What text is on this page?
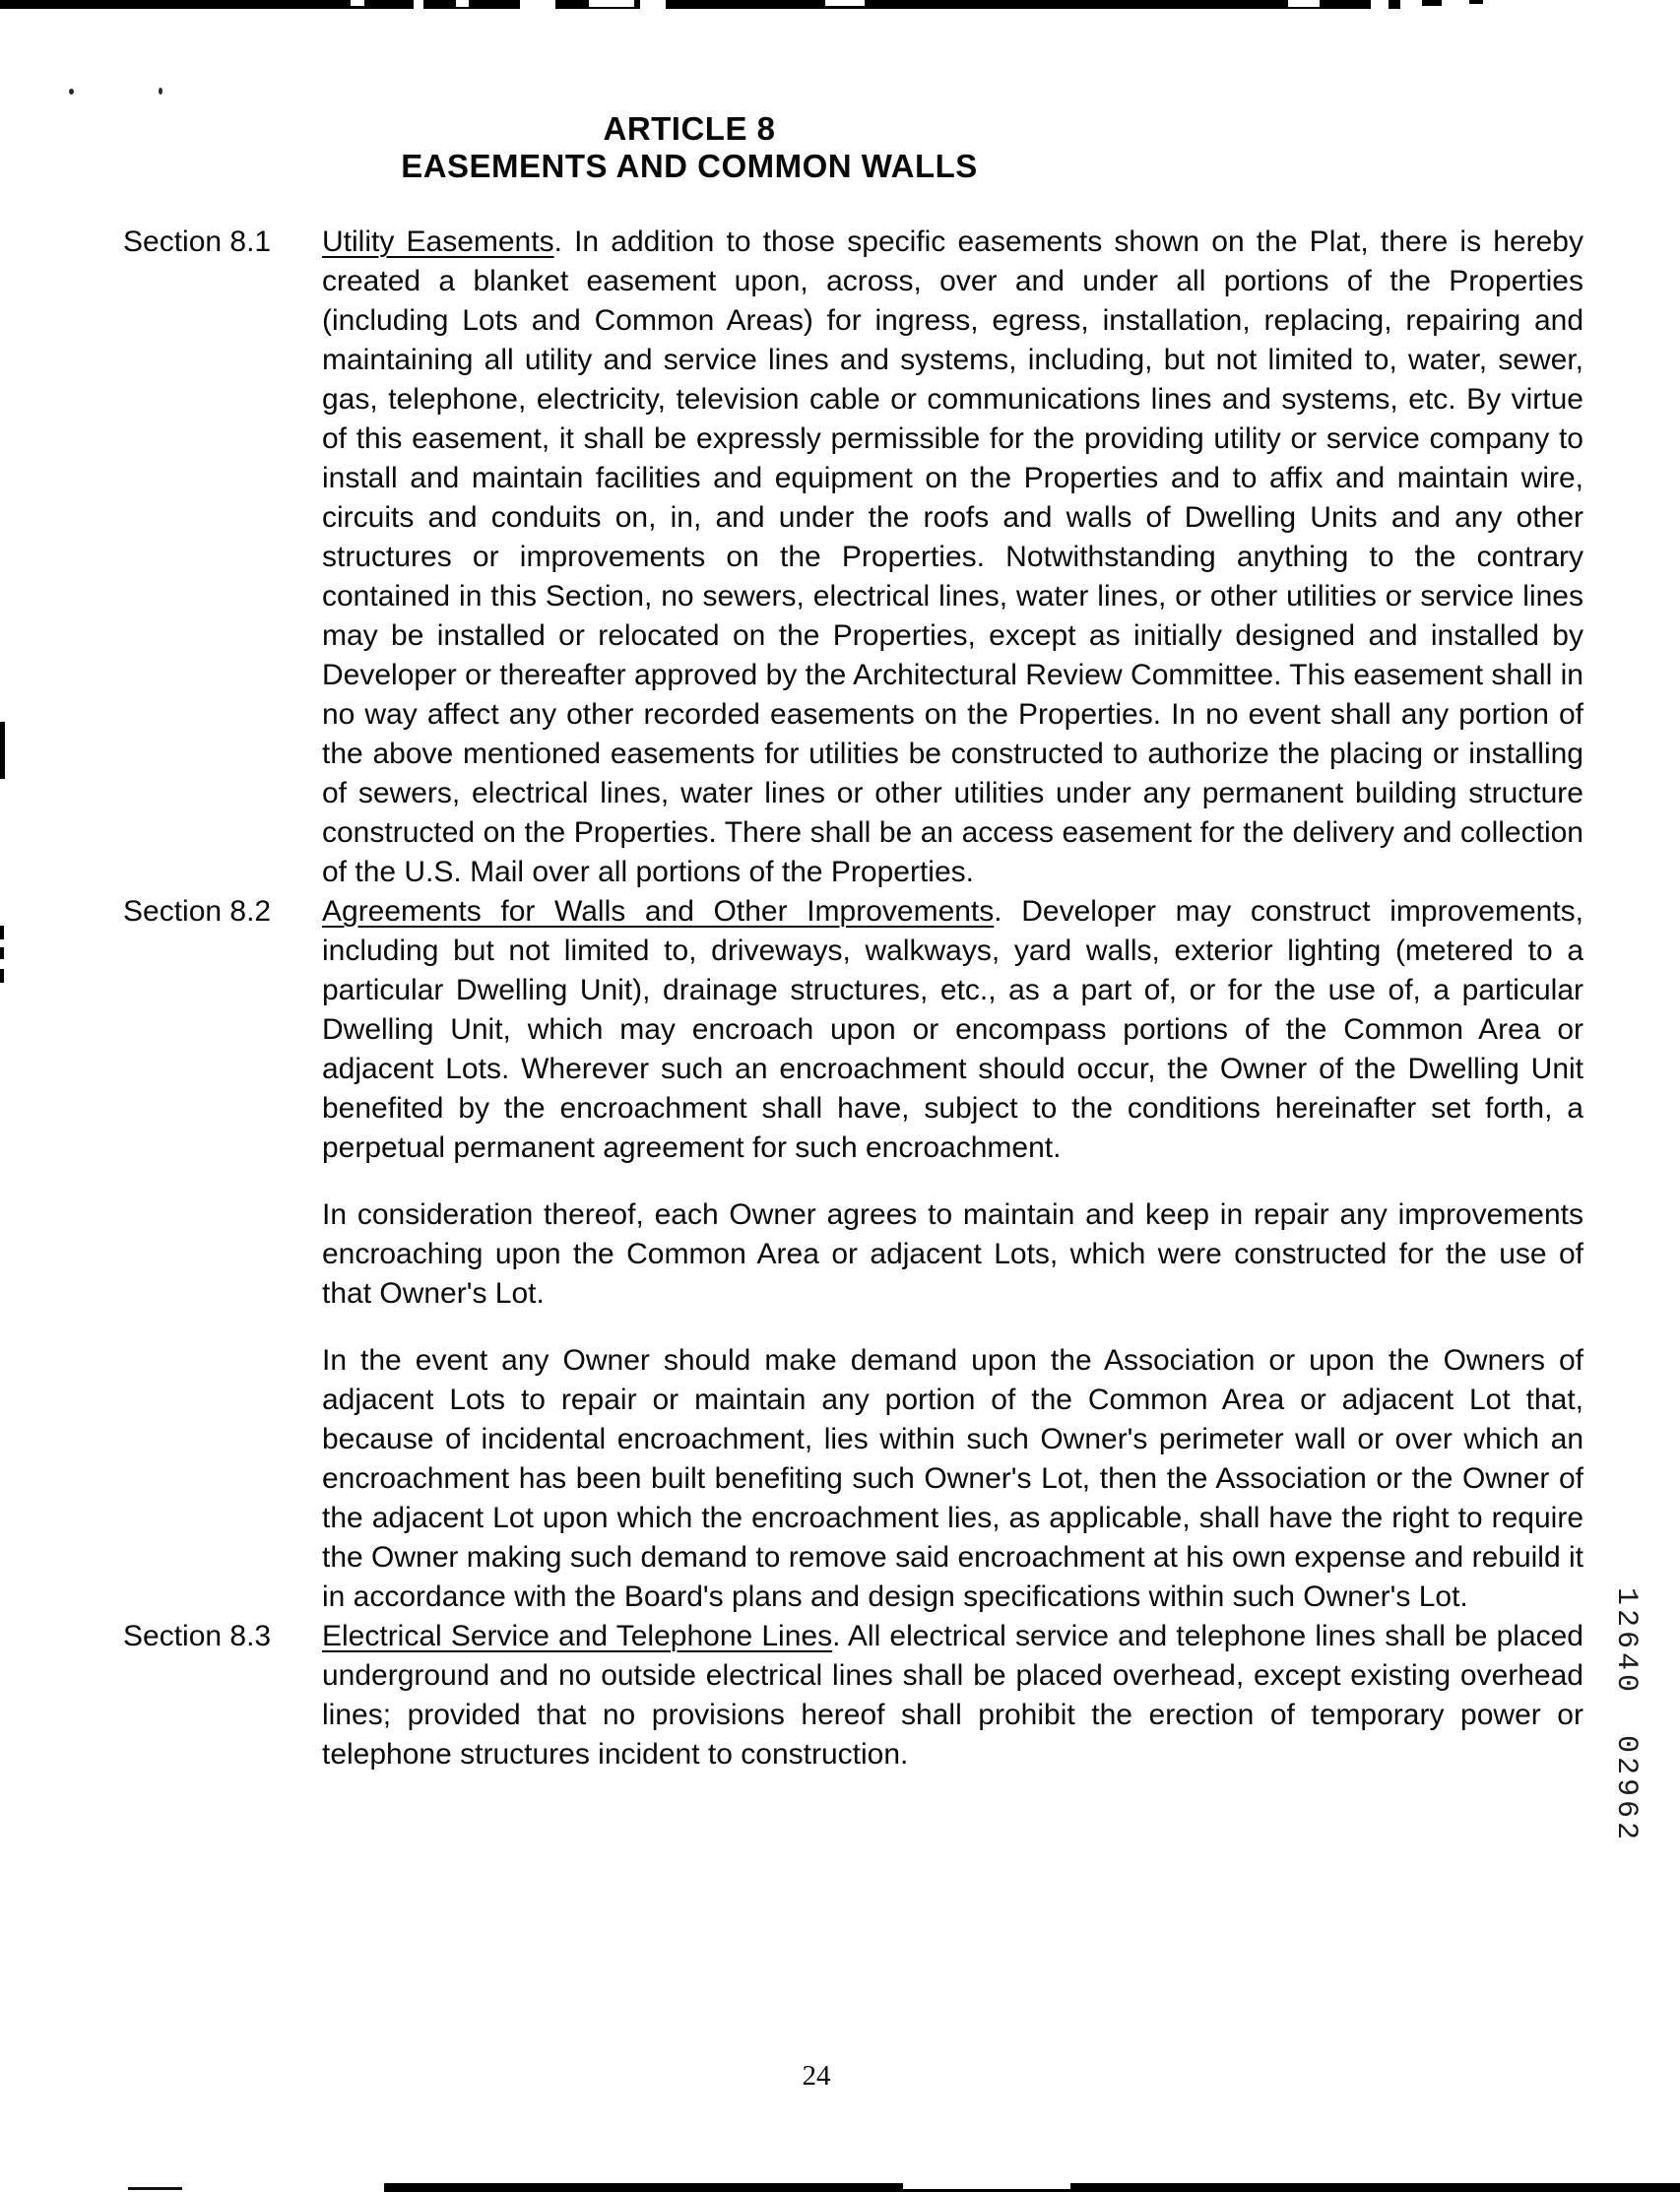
ARTICLE 8
EASEMENTS AND COMMON WALLS
Section 8.1 Utility Easements. In addition to those specific easements shown on the Plat, there is hereby created a blanket easement upon, across, over and under all portions of the Properties (including Lots and Common Areas) for ingress, egress, installation, replacing, repairing and maintaining all utility and service lines and systems, including, but not limited to, water, sewer, gas, telephone, electricity, television cable or communications lines and systems, etc. By virtue of this easement, it shall be expressly permissible for the providing utility or service company to install and maintain facilities and equipment on the Properties and to affix and maintain wire, circuits and conduits on, in, and under the roofs and walls of Dwelling Units and any other structures or improvements on the Properties. Notwithstanding anything to the contrary contained in this Section, no sewers, electrical lines, water lines, or other utilities or service lines may be installed or relocated on the Properties, except as initially designed and installed by Developer or thereafter approved by the Architectural Review Committee. This easement shall in no way affect any other recorded easements on the Properties. In no event shall any portion of the above mentioned easements for utilities be constructed to authorize the placing or installing of sewers, electrical lines, water lines or other utilities under any permanent building structure constructed on the Properties. There shall be an access easement for the delivery and collection of the U.S. Mail over all portions of the Properties.

Section 8.2 Agreements for Walls and Other Improvements. Developer may construct improvements, including but not limited to, driveways, walkways, yard walls, exterior lighting (metered to a particular Dwelling Unit), drainage structures, etc., as a part of, or for the use of, a particular Dwelling Unit, which may encroach upon or encompass portions of the Common Area or adjacent Lots. Wherever such an encroachment should occur, the Owner of the Dwelling Unit benefited by the encroachment shall have, subject to the conditions hereinafter set forth, a perpetual permanent agreement for such encroachment.

In consideration thereof, each Owner agrees to maintain and keep in repair any improvements encroaching upon the Common Area or adjacent Lots, which were constructed for the use of that Owner's Lot.

In the event any Owner should make demand upon the Association or upon the Owners of adjacent Lots to repair or maintain any portion of the Common Area or adjacent Lot that, because of incidental encroachment, lies within such Owner's perimeter wall or over which an encroachment has been built benefiting such Owner's Lot, then the Association or the Owner of the adjacent Lot upon which the encroachment lies, as applicable, shall have the right to require the Owner making such demand to remove said encroachment at his own expense and rebuild it in accordance with the Board's plans and design specifications within such Owner's Lot.

Section 8.3 Electrical Service and Telephone Lines. All electrical service and telephone lines shall be placed underground and no outside electrical lines shall be placed overhead, except existing overhead lines; provided that no provisions hereof shall prohibit the erection of temporary power or telephone structures incident to construction.	12640 02962
24
